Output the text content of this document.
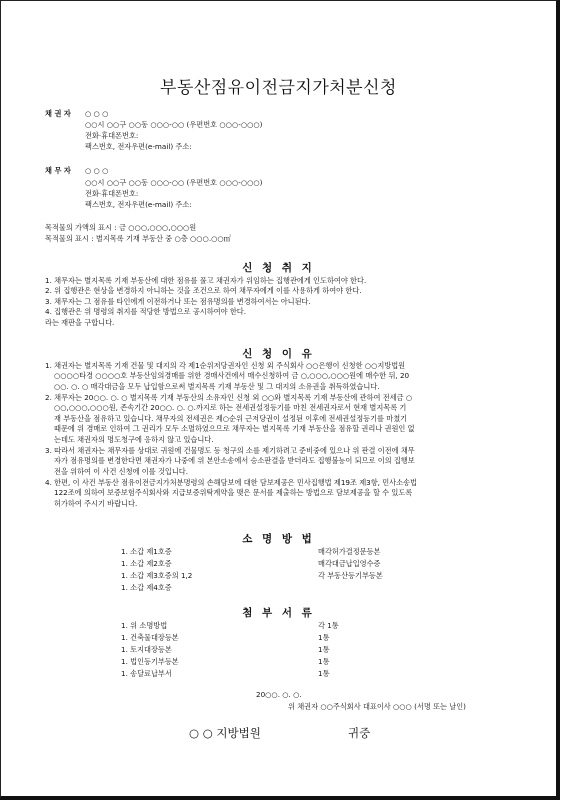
부동산점유이전금지가처분신청
채 권 자 ○ ○ ○
○○시 ○○구 ○○동 ○○○-○○ (우편번호 ○○○-○○○)
전화·휴대폰번호:
팩스번호, 전자우편(e-mail) 주소:
채 무 자 ○ ○ ○
○○시 ○○구 ○○동 ○○○-○○ (우편번호 ○○○-○○○)
전화·휴대폰번호:
팩스번호, 전자우편(e-mail) 주소:
목적물의 가액의 표시 : 금 ○○○,○○○,○○○원
목적물의 표시 : 별지목록 기재 부동산 중 ○층 ○○○.○○㎡
신 청 취 지
1. 채무자는 별지목록 기재 부동산에 대한 점유를 풀고 채권자가 위임하는 집행관에게 인도하여야 한다.
2. 위 집행관은 현상을 변경하지 아니하는 것을 조건으로 하여 채무자에게 이를 사용하게 하여야 한다.
3. 채무자는 그 점유를 타인에게 이전하거나 또는 점유명의를 변경하여서는 아니된다.
4. 집행관은 위 명령의 취지를 적당한 방법으로 공시하여야 한다.
라는 재판을 구합니다.
신 청 이 유
1. 채권자는 별지목록 기재 건물 및 대지의 각 제1순위저당권자인 신청 외 주식회사 ○○은행이 신청한 ○○지방법원
○○○○타경 ○○○○호 부동산임의경매를 위한 경매사건에서 매수신청하여 금 ○,○○○,○○○원에 매수한 뒤, 20
○○. ○. ○ 매각대금을 모두 납입함으로써 별지목록 기재 부동산 및 그 대지의 소유권을 취득하였습니다.
2. 채무자는 20○○. ○. ○ 별지목록 기재 부동산의 소유자인 신청 외 ○○와 별지목록 기재 부동산에 관하여 전세금 ○
○○,○○○,○○○원, 존속기간 20○○. ○. ○.까지로 하는 전세권설정등기를 마친 전세권자로서 현재 별지목록 기
재 부동산을 점유하고 있습니다. 채무자의 전세권은 제○순위 근저당권이 설정된 이후에 전세권설정등기를 마쳤기
때문에 위 경매로 인하여 그 권리가 모두 소멸하였으므로 채무자는 별지목록 기재 부동산을 점유할 권리나 권원인 없
는데도 채권자의 명도청구에 응하지 않고 있습니다.
3. 따라서 채권자는 채무자를 상대로 귀원에 건물명도 등 청구의 소를 제기하려고 준비중에 있으나 위 판결 이전에 채무
자가 점유명의를 변경한다면 채권자가 나중에 위 본안소송에서 승소판결을 받더라도 집행불능이 되므로 이의 집행보
전을 위하여 이 사건 신청에 이를 것입니다.
4. 한편, 이 사건 부동산 점유이전금지가처분명령의 손해담보에 대한 담보제공은 민사집행법 제19조 제3항, 민사소송법
122조에 의하여 보증보험주식회사와 지급보증위탁계약을 맺은 문서를 제출하는 방법으로 담보제공을 할 수 있도록
허가하여 주시기 바랍니다.
소 명 방 법
1. 소갑 제1호증	매각허가결정문등본
1. 소갑 제2호증	매각대금납입영수증
1. 소갑 제3호증의 1,2	각 부동산등기부등본
1. 소갑 제4호증
첨 부 서 류
1. 위 소명방법	각 1통
1. 건축물대장등본	1통
1. 토지대장등본	1통
1. 법인등기부등본	1통
1. 송달료납부서	1통
20○○. ○. ○.
위 채권자 ○○주식회사 대표이사 ○○○ (서명 또는 날인)
○ ○ 지방법원	귀중
